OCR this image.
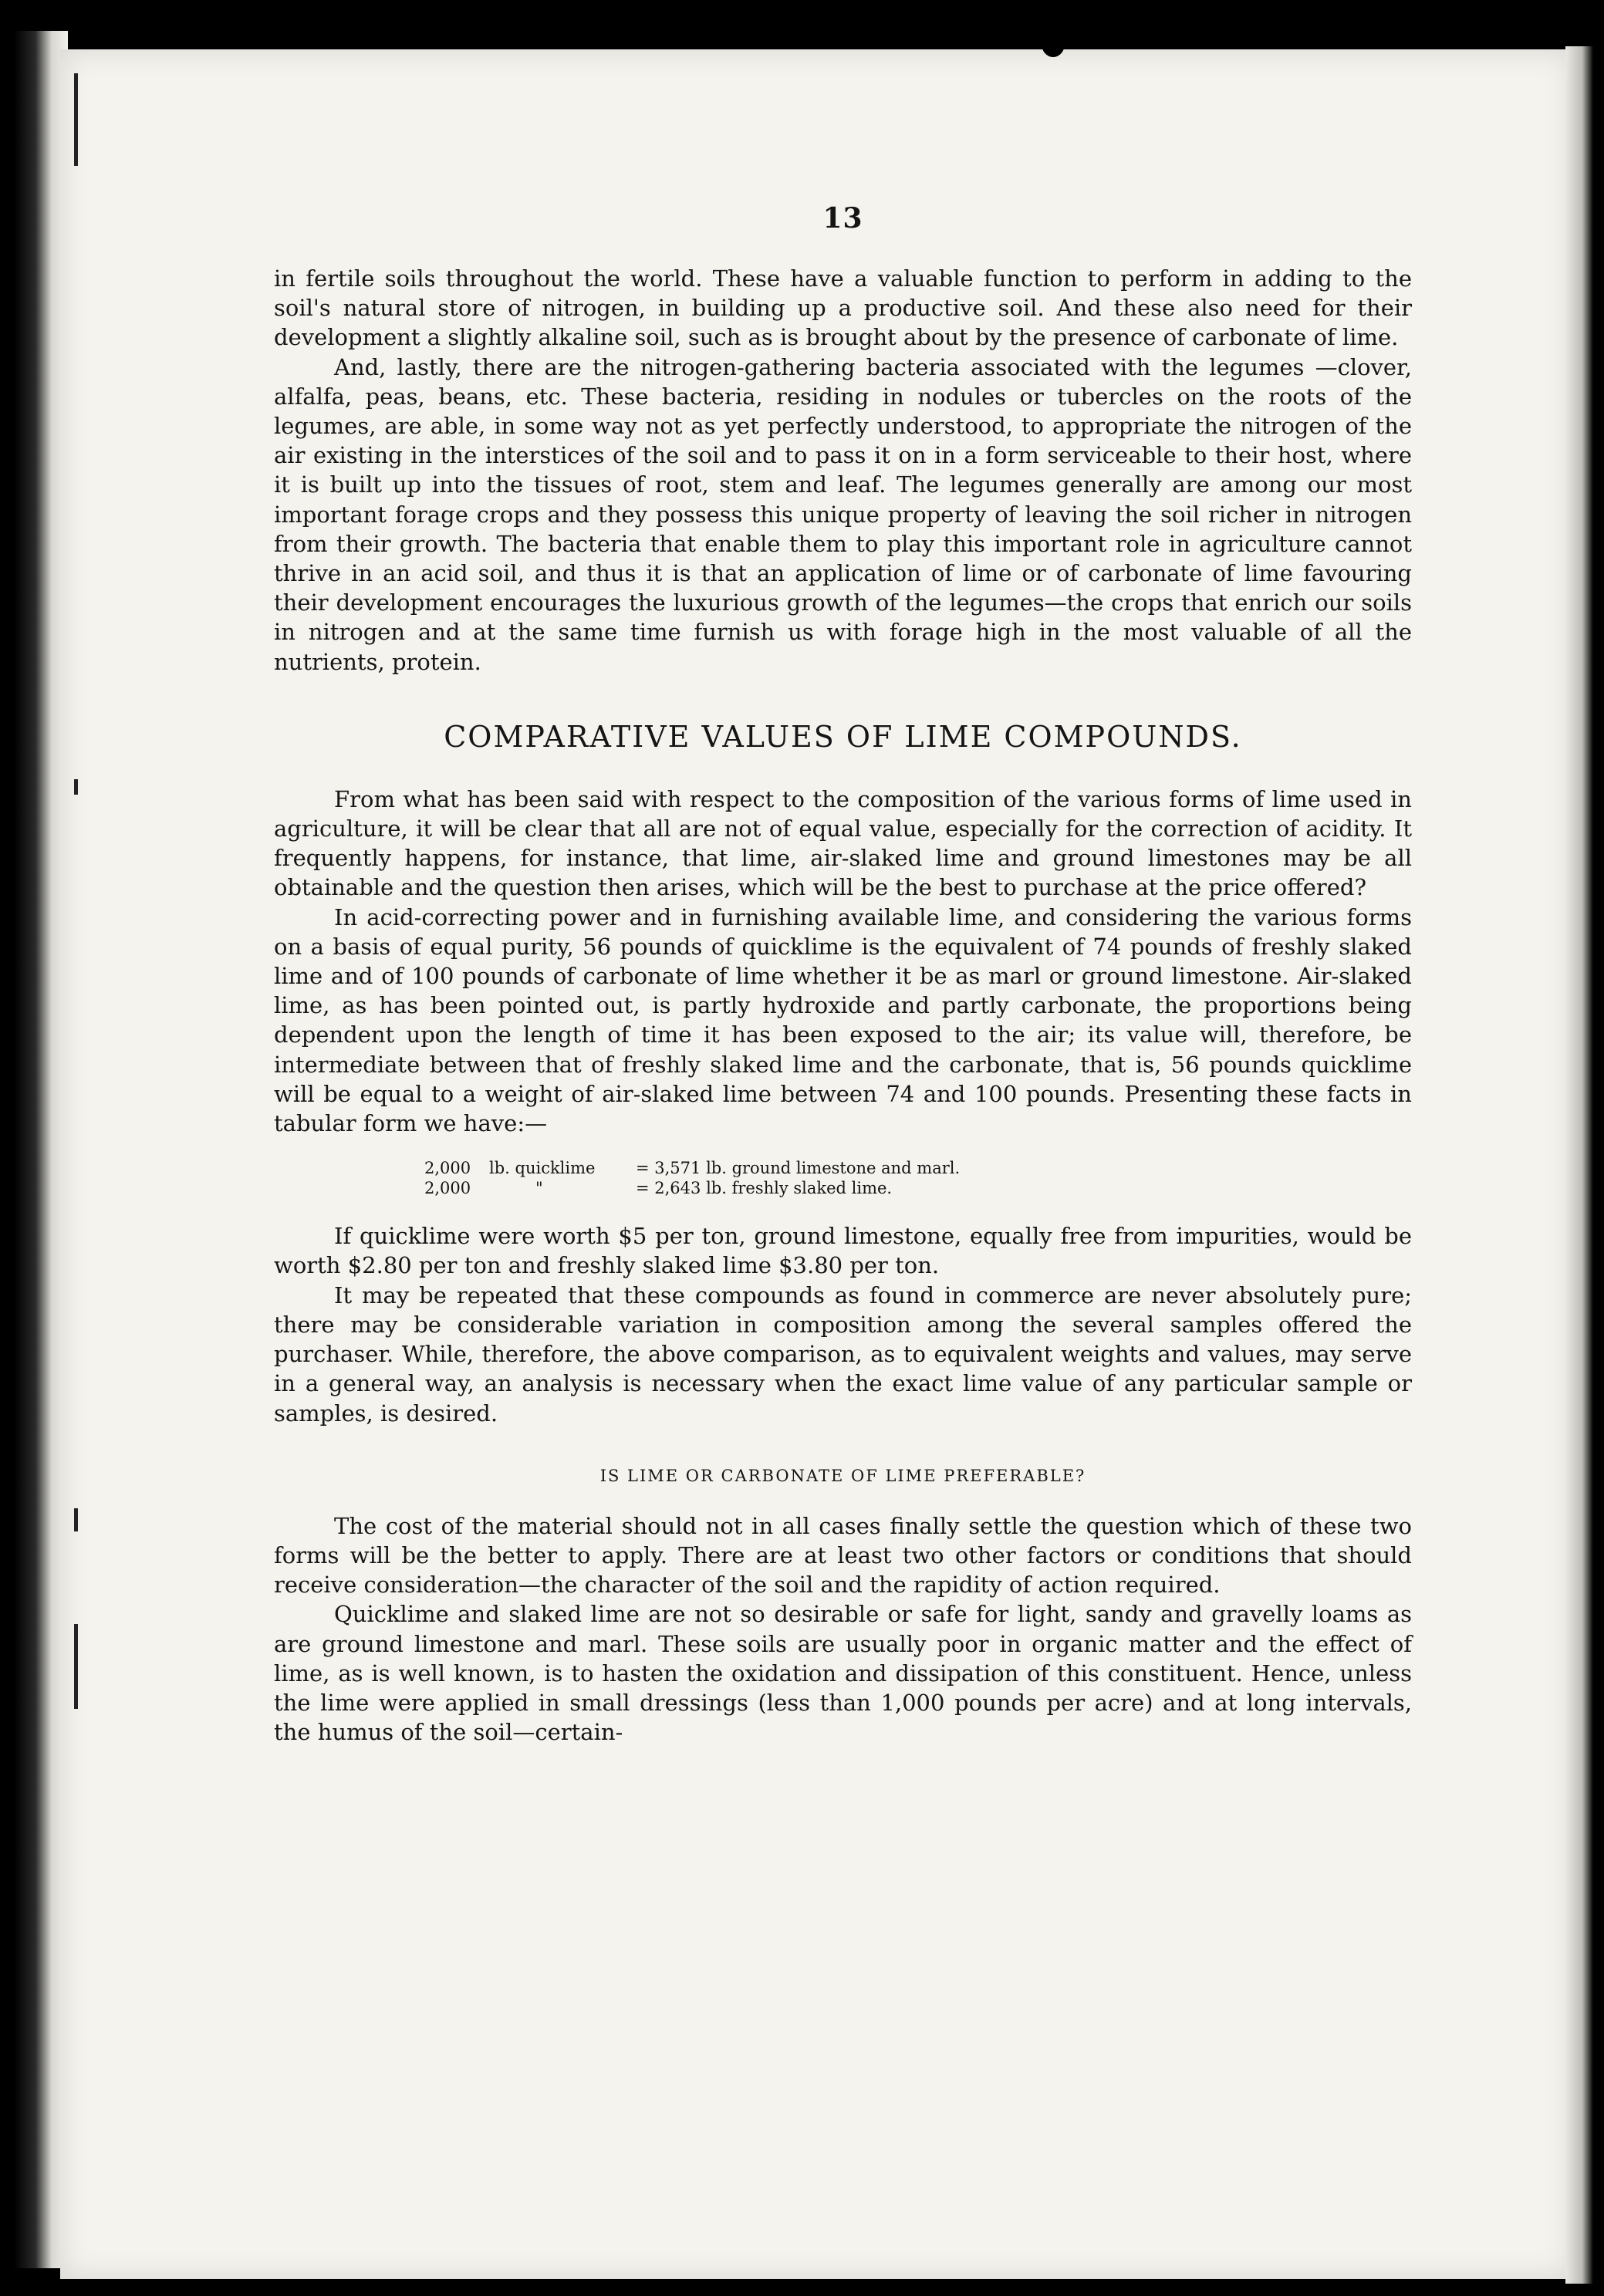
13

in fertile soils throughout the world. These have a valuable function to perform in adding to the soil's natural store of nitrogen, in building up a productive soil. And these also need for their development a slightly alkaline soil, such as is brought about by the presence of carbonate of lime.

And, lastly, there are the nitrogen-gathering bacteria associated with the legumes —clover, alfalfa, peas, beans, etc. These bacteria, residing in nodules or tubercles on the roots of the legumes, are able, in some way not as yet perfectly understood, to appropriate the nitrogen of the air existing in the interstices of the soil and to pass it on in a form serviceable to their host, where it is built up into the tissues of root, stem and leaf. The legumes generally are among our most important forage crops and they possess this unique property of leaving the soil richer in nitrogen from their growth. The bacteria that enable them to play this important role in agriculture cannot thrive in an acid soil, and thus it is that an application of lime or of carbonate of lime favouring their development encourages the luxurious growth of the legumes—the crops that enrich our soils in nitrogen and at the same time furnish us with forage high in the most valuable of all the nutrients, protein.

COMPARATIVE VALUES OF LIME COMPOUNDS.

From what has been said with respect to the composition of the various forms of lime used in agriculture, it will be clear that all are not of equal value, especially for the correction of acidity. It frequently happens, for instance, that lime, air-slaked lime and ground limestones may be all obtainable and the question then arises, which will be the best to purchase at the price offered?

In acid-correcting power and in furnishing available lime, and considering the various forms on a basis of equal purity, 56 pounds of quicklime is the equivalent of 74 pounds of freshly slaked lime and of 100 pounds of carbonate of lime whether it be as marl or ground limestone. Air-slaked lime, as has been pointed out, is partly hydroxide and partly carbonate, the proportions being dependent upon the length of time it has been exposed to the air; its value will, therefore, be intermediate between that of freshly slaked lime and the carbonate, that is, 56 pounds quicklime will be equal to a weight of air-slaked lime between 74 and 100 pounds. Presenting these facts in tabular form we have:—

2,000	lb. quicklime	= 3,571 lb. ground limestone and marl.
2,000	"	= 2,643 lb. freshly slaked lime.

If quicklime were worth $5 per ton, ground limestone, equally free from impurities, would be worth $2.80 per ton and freshly slaked lime $3.80 per ton.

It may be repeated that these compounds as found in commerce are never absolutely pure; there may be considerable variation in composition among the several samples offered the purchaser. While, therefore, the above comparison, as to equivalent weights and values, may serve in a general way, an analysis is necessary when the exact lime value of any particular sample or samples, is desired.

IS LIME OR CARBONATE OF LIME PREFERABLE?

The cost of the material should not in all cases finally settle the question which of these two forms will be the better to apply. There are at least two other factors or conditions that should receive consideration—the character of the soil and the rapidity of action required.

Quicklime and slaked lime are not so desirable or safe for light, sandy and gravelly loams as are ground limestone and marl. These soils are usually poor in organic matter and the effect of lime, as is well known, is to hasten the oxidation and dissipation of this constituent. Hence, unless the lime were applied in small dressings (less than 1,000 pounds per acre) and at long intervals, the humus of the soil—certain-
